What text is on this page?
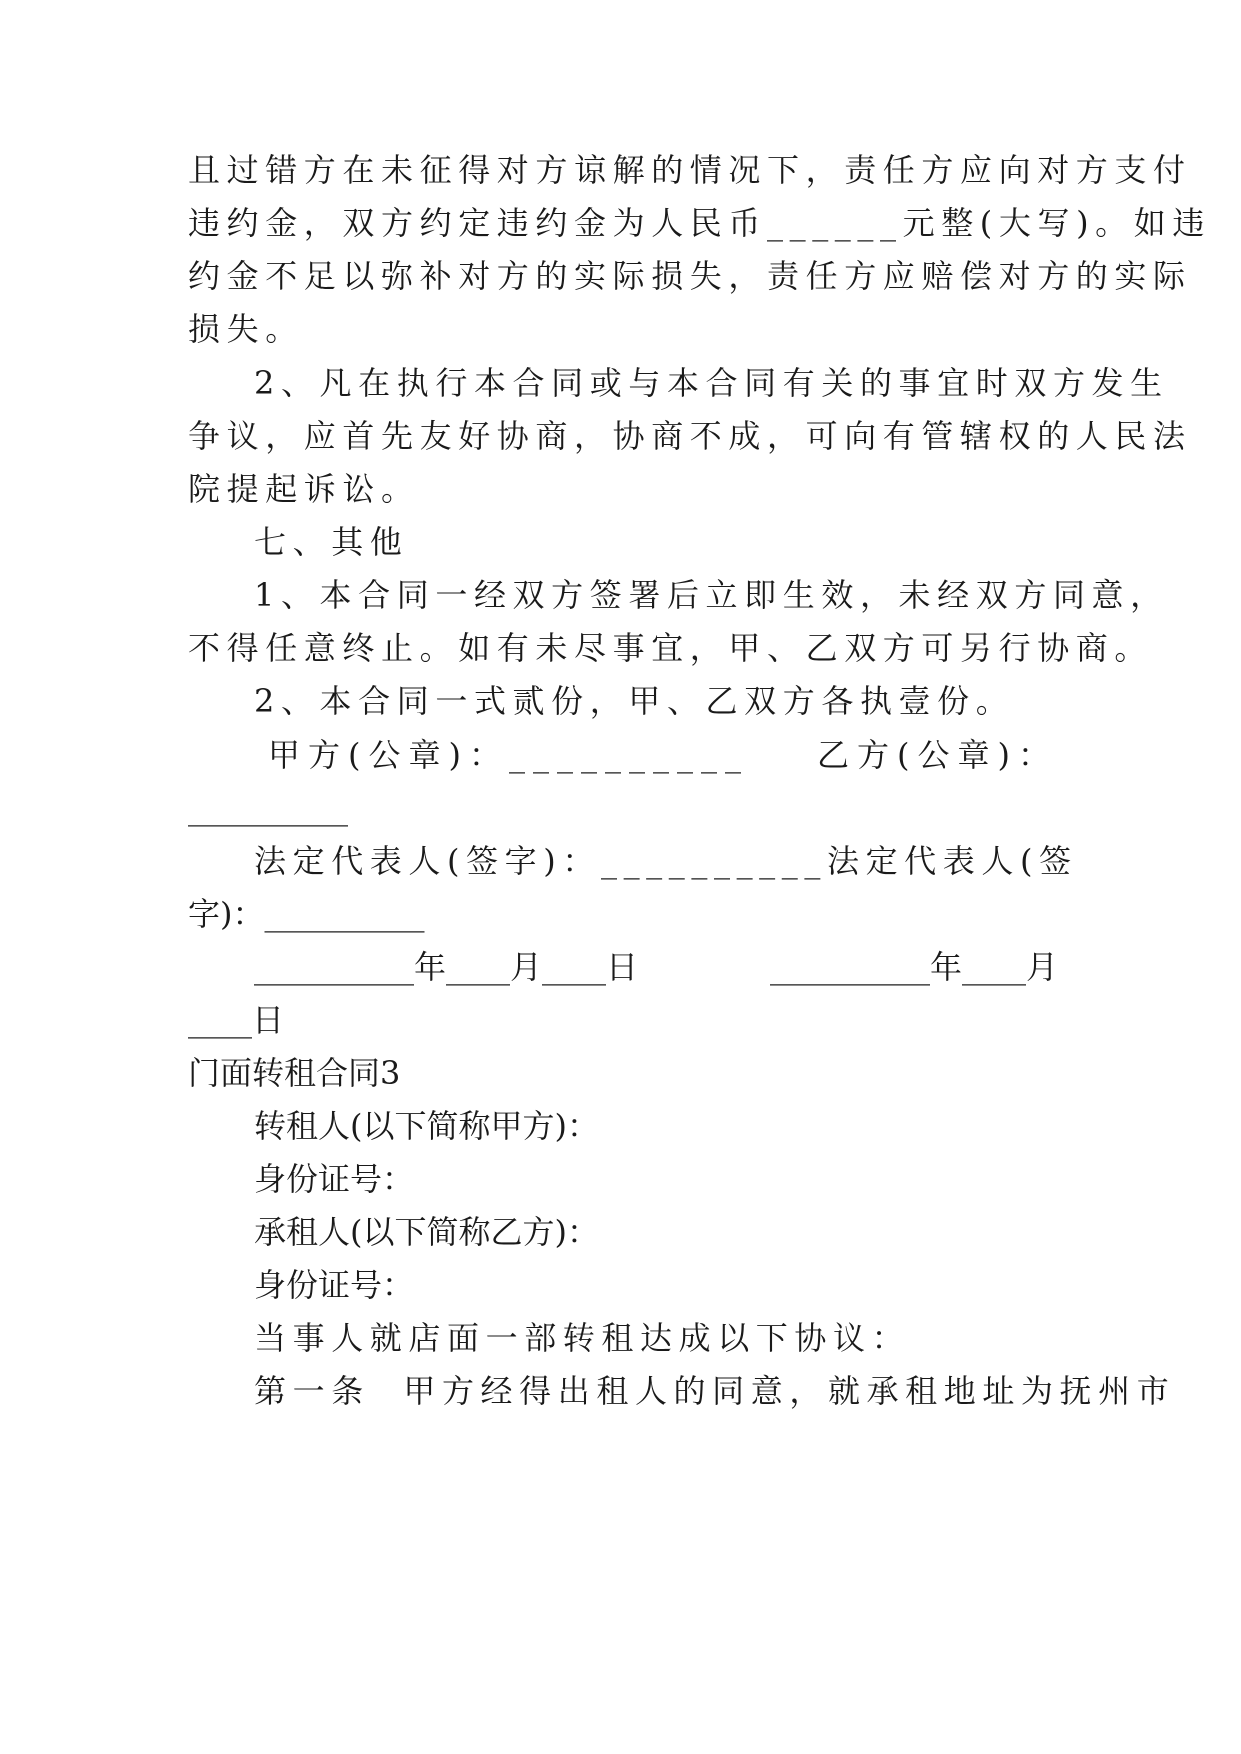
且过错方在未征得对方谅解的情况下，责任方应向对方支付
违约金，双方约定违约金为人民币______元整(大写)。如违
约金不足以弥补对方的实际损失，责任方应赔偿对方的实际
损失。
2、凡在执行本合同或与本合同有关的事宜时双方发生
争议，应首先友好协商，协商不成，可向有管辖权的人民法
院提起诉讼。
七、其他
1、本合同一经双方签署后立即生效，未经双方同意，
不得任意终止。如有未尽事宜，甲、乙双方可另行协商。
2、本合同一式贰份，甲、乙双方各执壹份。
甲方(公章)：__________ 乙方(公章)：
__________
法定代表人(签字)：__________ 法定代表人(签
字)：__________
__________年____月____日	__________年____月
____日
门面转租合同3
转租人(以下简称甲方)：
身份证号：
承租人(以下简称乙方)：
身份证号：
当事人就店面一部转租达成以下协议：
第一条  甲方经得出租人的同意，就承租地址为抚州市
